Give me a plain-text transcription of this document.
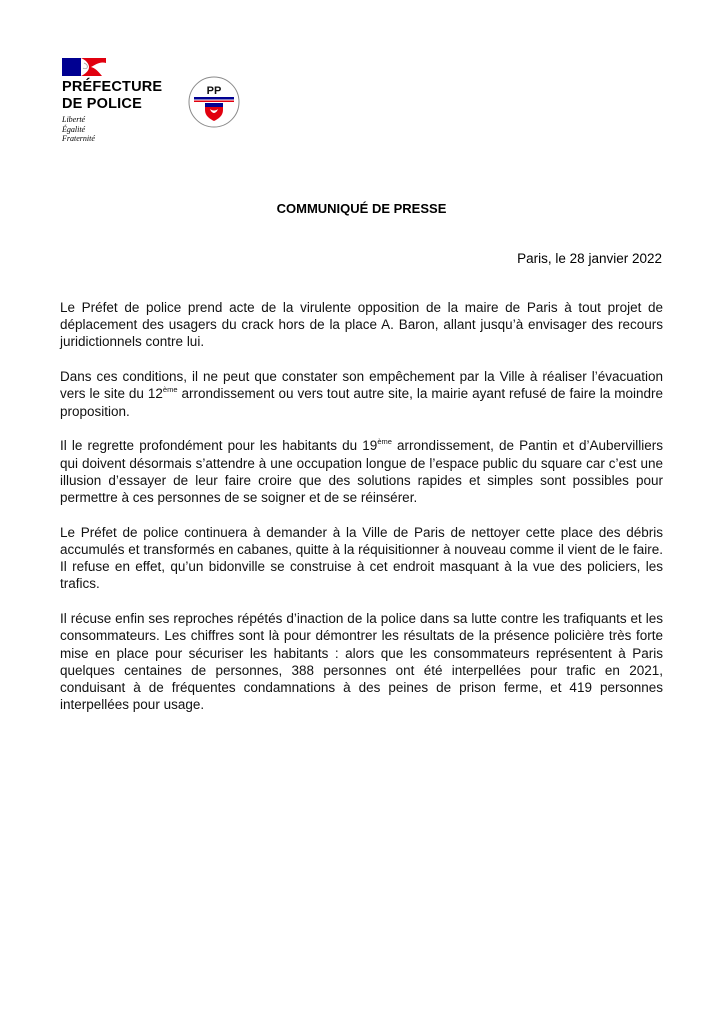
PRÉFECTURE
DE POLICE
Liberté
Égalité
Fraternité
PP
COMMUNIQUÉ DE PRESSE
Paris, le 28 janvier 2022

Le Préfet de police prend acte de la virulente opposition de la maire de Paris à tout projet de déplacement des usagers du crack hors de la place A. Baron, allant jusqu’à envisager des recours juridictionnels contre lui.

Dans ces conditions, il ne peut que constater son empêchement par la Ville à réaliser l’évacuation vers le site du 12ème arrondissement ou vers tout autre site, la mairie ayant refusé de faire la moindre proposition.

Il le regrette profondément pour les habitants du 19ème arrondissement, de Pantin et d’Aubervilliers qui doivent désormais s’attendre à une occupation longue de l’espace public du square car c’est une illusion d’essayer de leur faire croire que des solutions rapides et simples sont possibles pour permettre à ces personnes de se soigner et de se réinsérer.

Le Préfet de police continuera à demander à la Ville de Paris de nettoyer cette place des débris accumulés et transformés en cabanes, quitte à la réquisitionner à nouveau comme il vient de le faire. Il refuse en effet, qu’un bidonville se construise à cet endroit masquant à la vue des policiers, les trafics.

Il récuse enfin ses reproches répétés d’inaction de la police dans sa lutte contre les trafiquants et les consommateurs. Les chiffres sont là pour démontrer les résultats de la présence policière très forte mise en place pour sécuriser les habitants : alors que les consommateurs représentent à Paris quelques centaines de personnes, 388 personnes ont été interpellées pour trafic en 2021, conduisant à de fréquentes condamnations à des peines de prison ferme, et 419 personnes interpellées pour usage.
